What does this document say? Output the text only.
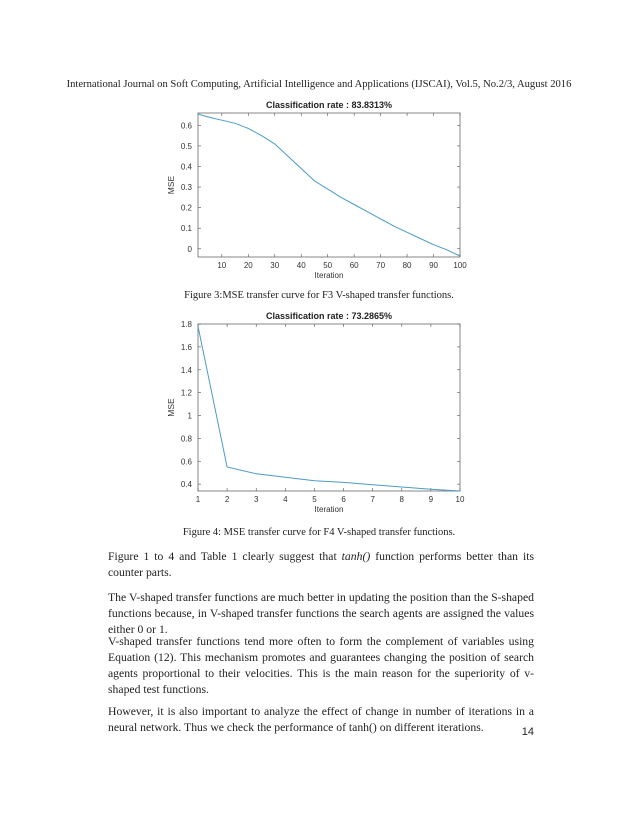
International Journal on Soft Computing, Artificial Intelligence and Applications (IJSCAI), Vol.5, No.2/3, August 2016
Classification rate : 83.8313%
10 20 30 40 50 60 70 80 90 100
0
0.1
0.2
0.3
0.4
0.5
0.6
Iteration
MSE
Figure 3:MSE transfer curve for F3 V-shaped transfer functions.
Classification rate : 73.2865%
1	2	3	4	5	6	7	8	9	10
0.4
0.6
0.8
1
1.2
1.4
1.6
1.8
Iteration
MSE
Figure 4: MSE transfer curve for F4 V-shaped transfer functions.

Figure 1 to 4 and Table 1 clearly suggest that tanh() function performs better than its counter parts.

The V-shaped transfer functions are much better in updating the position than the S-shaped functions because, in V-shaped transfer functions the search agents are assigned the values either 0 or 1.

V-shaped transfer functions tend more often to form the complement of variables using Equation (12). This mechanism promotes and guarantees changing the position of search agents proportional to their velocities. This is the main reason for the superiority of v-shaped test functions.

However, it is also important to analyze the effect of change in number of iterations in a neural network. Thus we check the performance of tanh() on different iterations.	14
